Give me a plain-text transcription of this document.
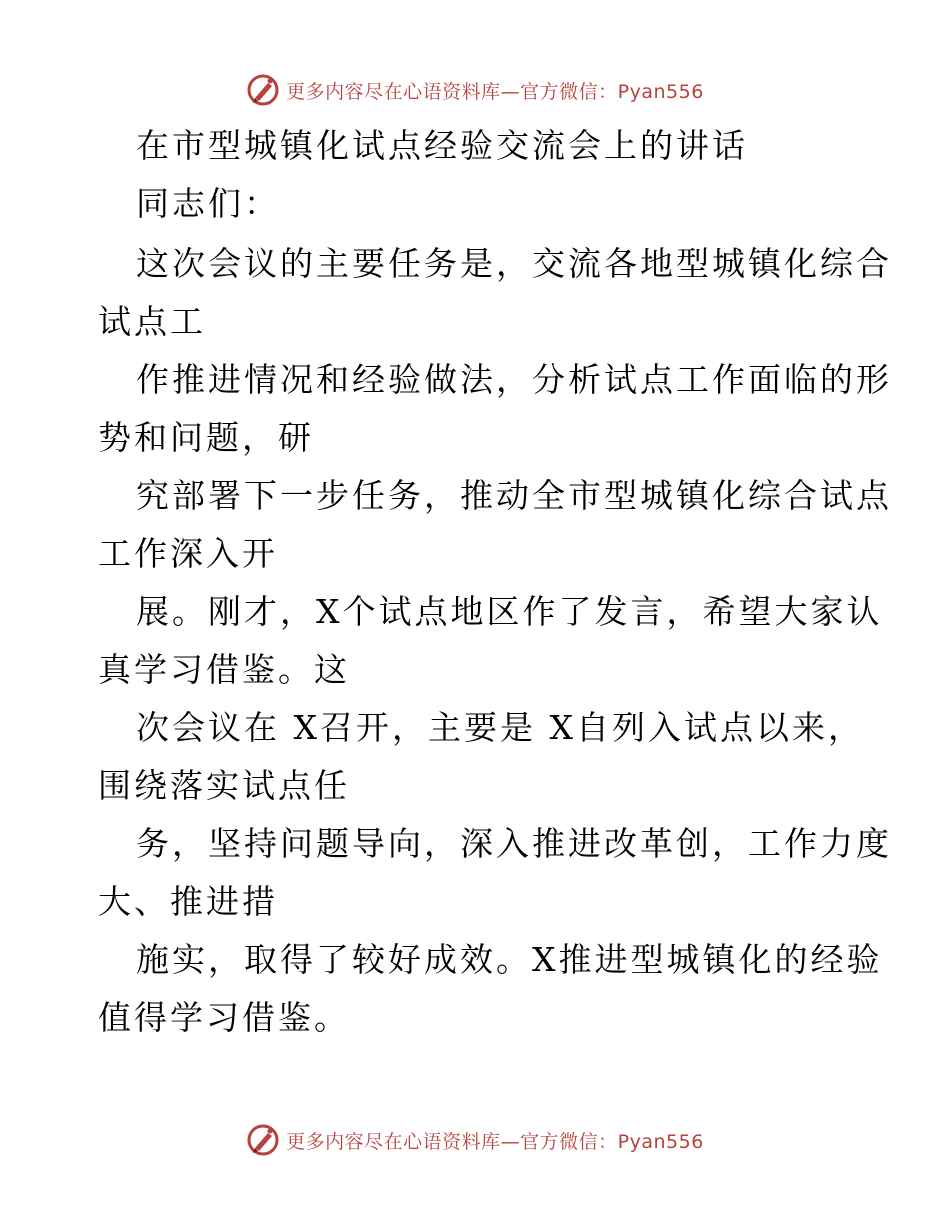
更多内容尽在心语资料库—官方微信：Pyan556
在市型城镇化试点经验交流会上的讲话
同志们：
这次会议的主要任务是，交流各地型城镇化综合
试点工
作推进情况和经验做法，分析试点工作面临的形
势和问题，研
究部署下一步任务，推动全市型城镇化综合试点
工作深入开
展。刚才，X个试点地区作了发言，希望大家认
真学习借鉴。这
次会议在 X召开，主要是 X自列入试点以来，
围绕落实试点任
务，坚持问题导向，深入推进改革创，工作力度
大、推进措
施实，取得了较好成效。X推进型城镇化的经验
值得学习借鉴。
更多内容尽在心语资料库—官方微信：Pyan556
